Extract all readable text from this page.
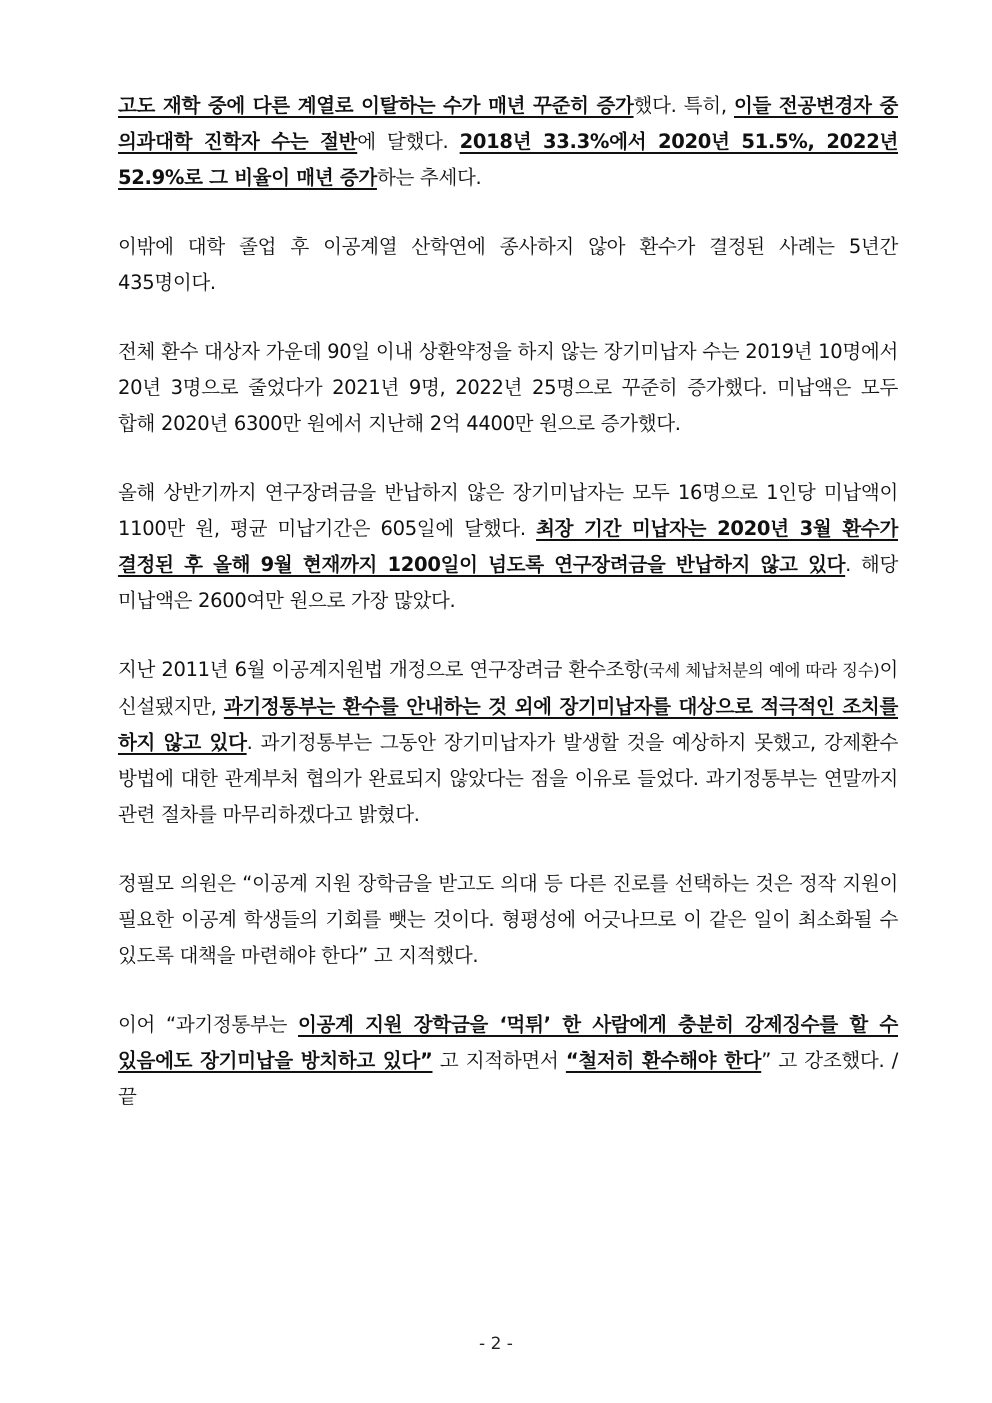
고도 재학 중에 다른 계열로 이탈하는 수가 매년 꾸준히 증가했다. 특히, 이들 전공변경자 중 의과대학 진학자 수는 절반에 달했다. 2018년 33.3%에서 2020년 51.5%, 2022년 52.9%로 그 비율이 매년 증가하는 추세다.

이밖에 대학 졸업 후 이공계열 산학연에 종사하지 않아 환수가 결정된 사례는 5년간 435명이다.

전체 환수 대상자 가운데 90일 이내 상환약정을 하지 않는 장기미납자 수는 2019년 10명에서 20년 3명으로 줄었다가 2021년 9명, 2022년 25명으로 꾸준히 증가했다. 미납액은 모두 합해 2020년 6300만 원에서 지난해 2억 4400만 원으로 증가했다.

올해 상반기까지 연구장려금을 반납하지 않은 장기미납자는 모두 16명으로 1인당 미납액이 1100만 원, 평균 미납기간은 605일에 달했다. 최장 기간 미납자는 2020년 3월 환수가 결정된 후 올해 9월 현재까지 1200일이 넘도록 연구장려금을 반납하지 않고 있다. 해당 미납액은 2600여만 원으로 가장 많았다.

지난 2011년 6월 이공계지원법 개정으로 연구장려금 환수조항(국세 체납처분의 예에 따라 징수)이 신설됐지만, 과기정통부는 환수를 안내하는 것 외에 장기미납자를 대상으로 적극적인 조치를 하지 않고 있다. 과기정통부는 그동안 장기미납자가 발생할 것을 예상하지 못했고, 강제환수 방법에 대한 관계부처 협의가 완료되지 않았다는 점을 이유로 들었다. 과기정통부는 연말까지 관련 절차를 마무리하겠다고 밝혔다.

정필모 의원은 “이공계 지원 장학금을 받고도 의대 등 다른 진로를 선택하는 것은 정작 지원이 필요한 이공계 학생들의 기회를 뺏는 것이다. 형평성에 어긋나므로 이 같은 일이 최소화될 수 있도록 대책을 마련해야 한다” 고 지적했다.

이어 “과기정통부는 이공계 지원 장학금을 ‘먹튀’ 한 사람에게 충분히 강제징수를 할 수 있음에도 장기미납을 방치하고 있다” 고 지적하면서 “철저히 환수해야 한다” 고 강조했다. /끝

- 2 -
